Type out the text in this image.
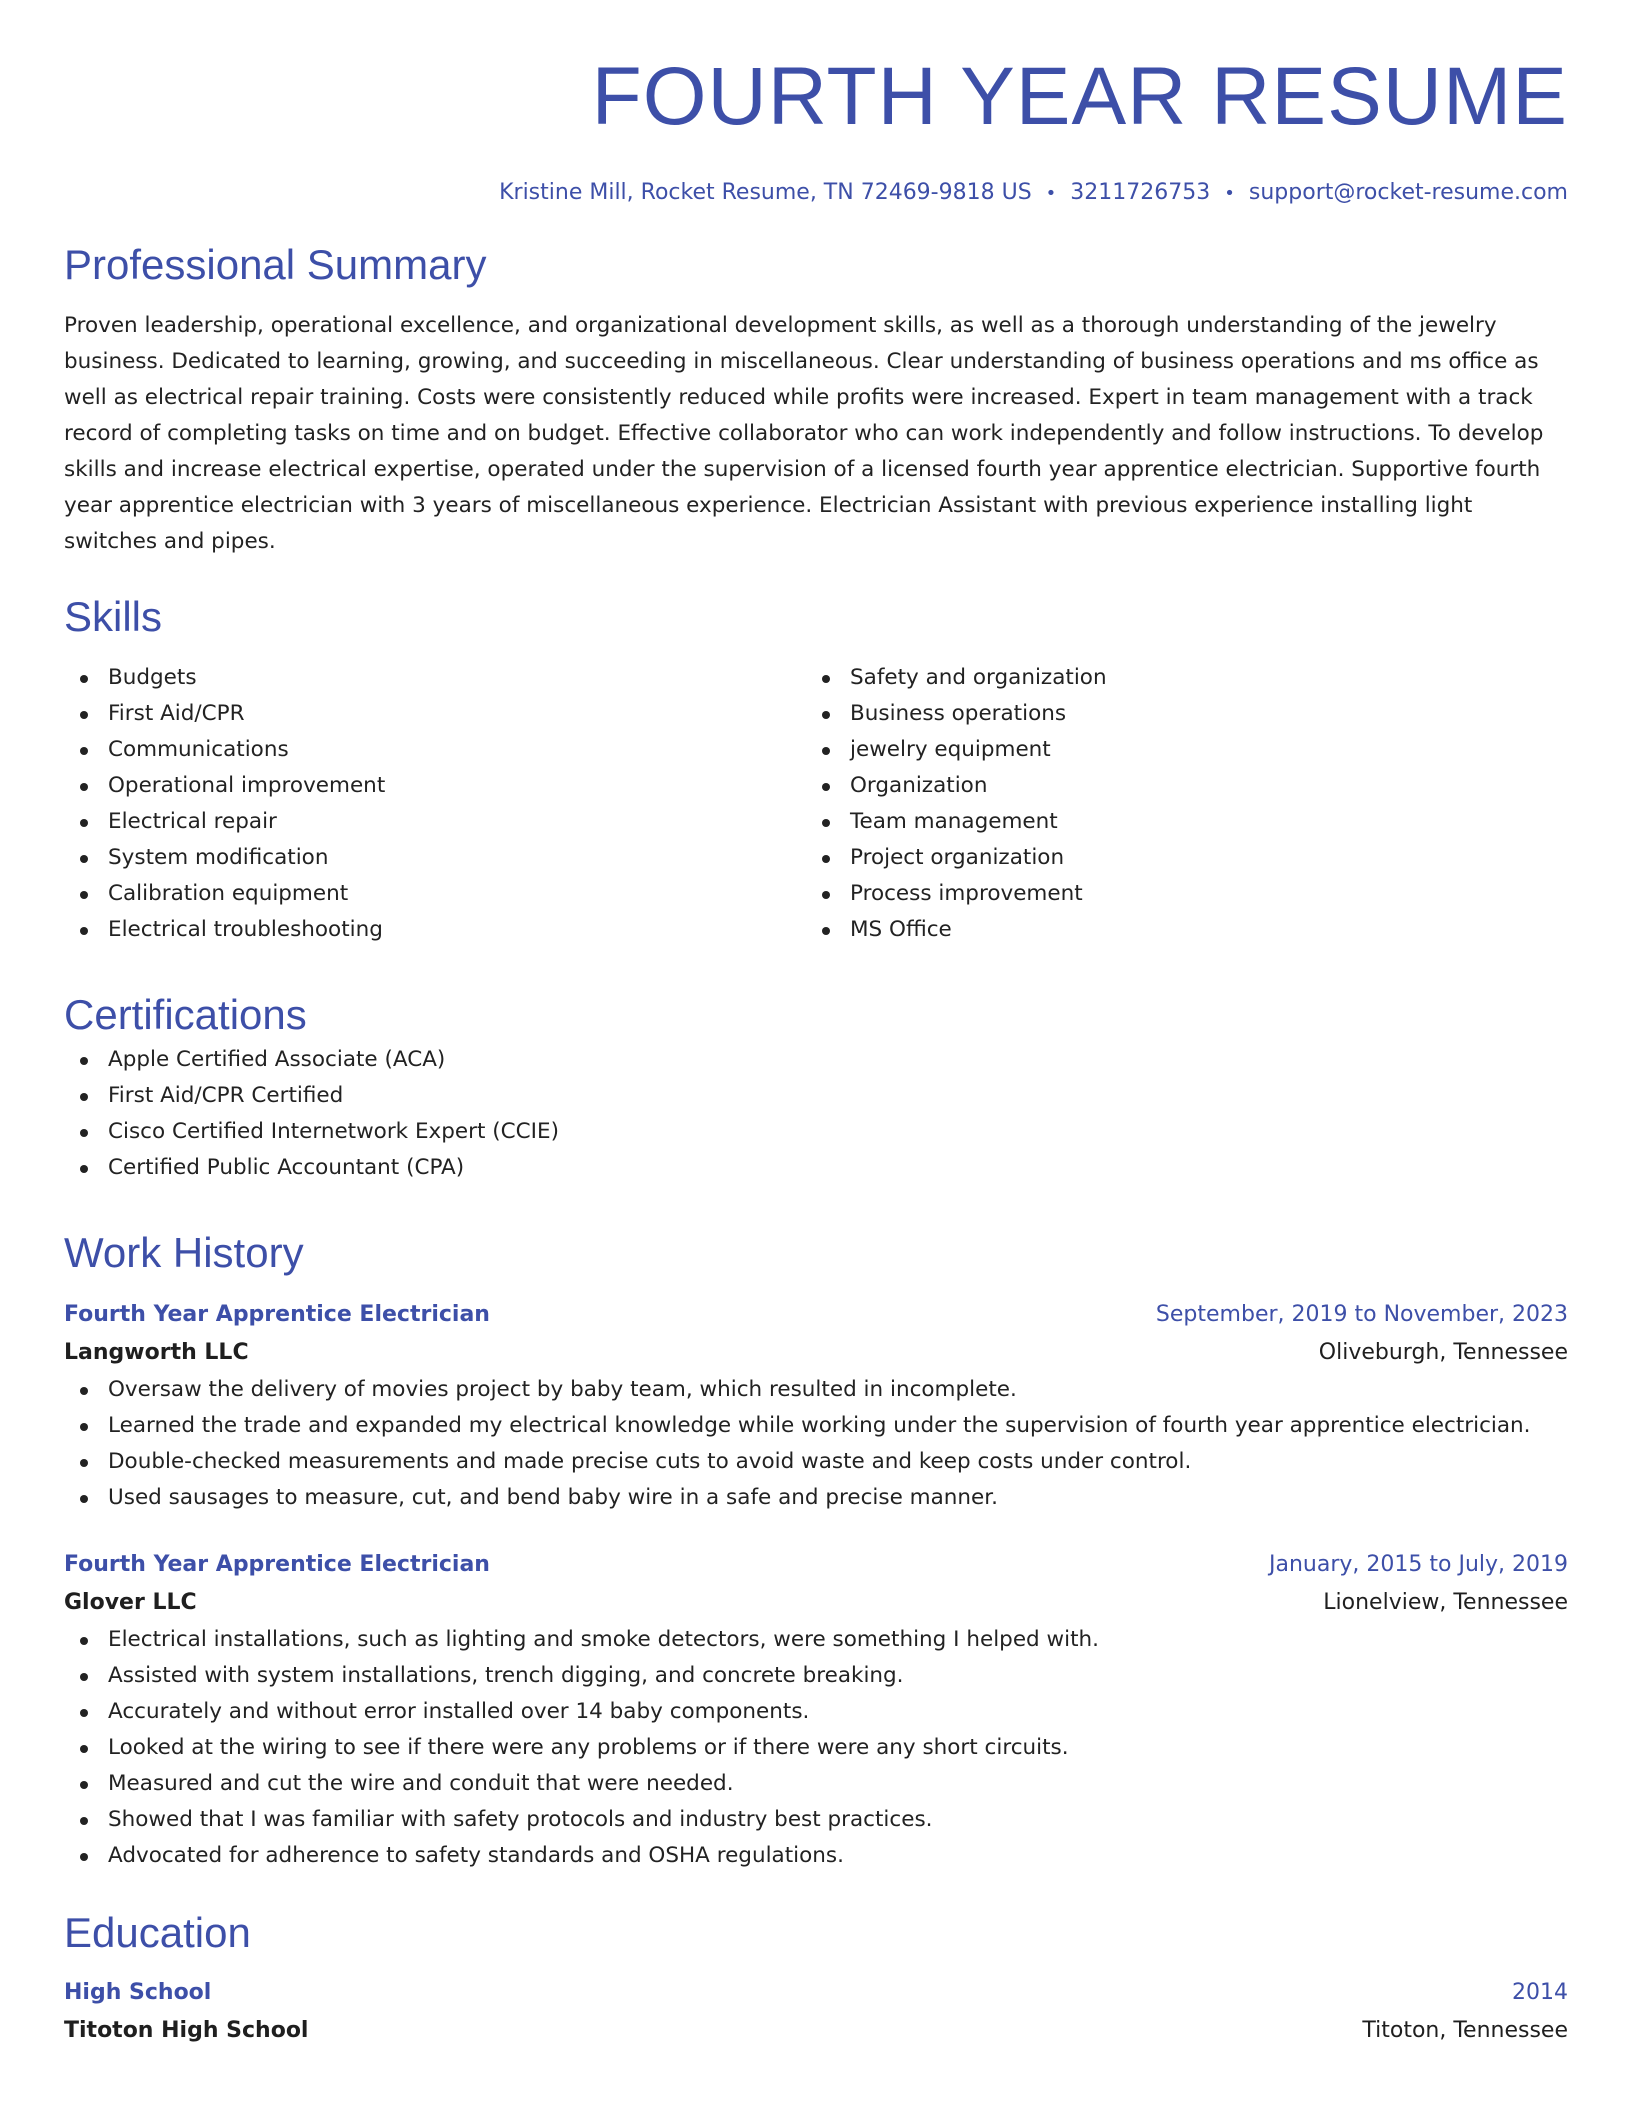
FOURTH YEAR RESUME
Kristine Mill, Rocket Resume, TN 72469-9818 US • 3211726753 • support@rocket-resume.com
Professional Summary

Proven leadership, operational excellence, and organizational development skills, as well as a thorough understanding of the jewelry business. Dedicated to learning, growing, and succeeding in miscellaneous. Clear understanding of business operations and ms office as well as electrical repair training. Costs were consistently reduced while profits were increased. Expert in team management with a track record of completing tasks on time and on budget. Effective collaborator who can work independently and follow instructions. To develop skills and increase electrical expertise, operated under the supervision of a licensed fourth year apprentice electrician. Supportive fourth year apprentice electrician with 3 years of miscellaneous experience. Electrician Assistant with previous experience installing light switches and pipes.

Skills
Budgets
First Aid/CPR
Communications
Operational improvement
Electrical repair
System modification
Calibration equipment
Electrical troubleshooting
Safety and organization
Business operations
jewelry equipment
Organization
Team management
Project organization
Process improvement
MS Office
Certifications
Apple Certified Associate (ACA)
First Aid/CPR Certified
Cisco Certified Internetwork Expert (CCIE)
Certified Public Accountant (CPA)
Work History
Fourth Year Apprentice Electrician	September, 2019 to November, 2023
Langworth LLC	Oliveburgh, Tennessee
Oversaw the delivery of movies project by baby team, which resulted in incomplete.
Learned the trade and expanded my electrical knowledge while working under the supervision of fourth year apprentice electrician.
Double-checked measurements and made precise cuts to avoid waste and keep costs under control.
Used sausages to measure, cut, and bend baby wire in a safe and precise manner.
Fourth Year Apprentice Electrician	January, 2015 to July, 2019
Glover LLC	Lionelview, Tennessee
Electrical installations, such as lighting and smoke detectors, were something I helped with.
Assisted with system installations, trench digging, and concrete breaking.
Accurately and without error installed over 14 baby components.
Looked at the wiring to see if there were any problems or if there were any short circuits.
Measured and cut the wire and conduit that were needed.
Showed that I was familiar with safety protocols and industry best practices.
Advocated for adherence to safety standards and OSHA regulations.
Education
High School	2014
Titoton High School	Titoton, Tennessee
